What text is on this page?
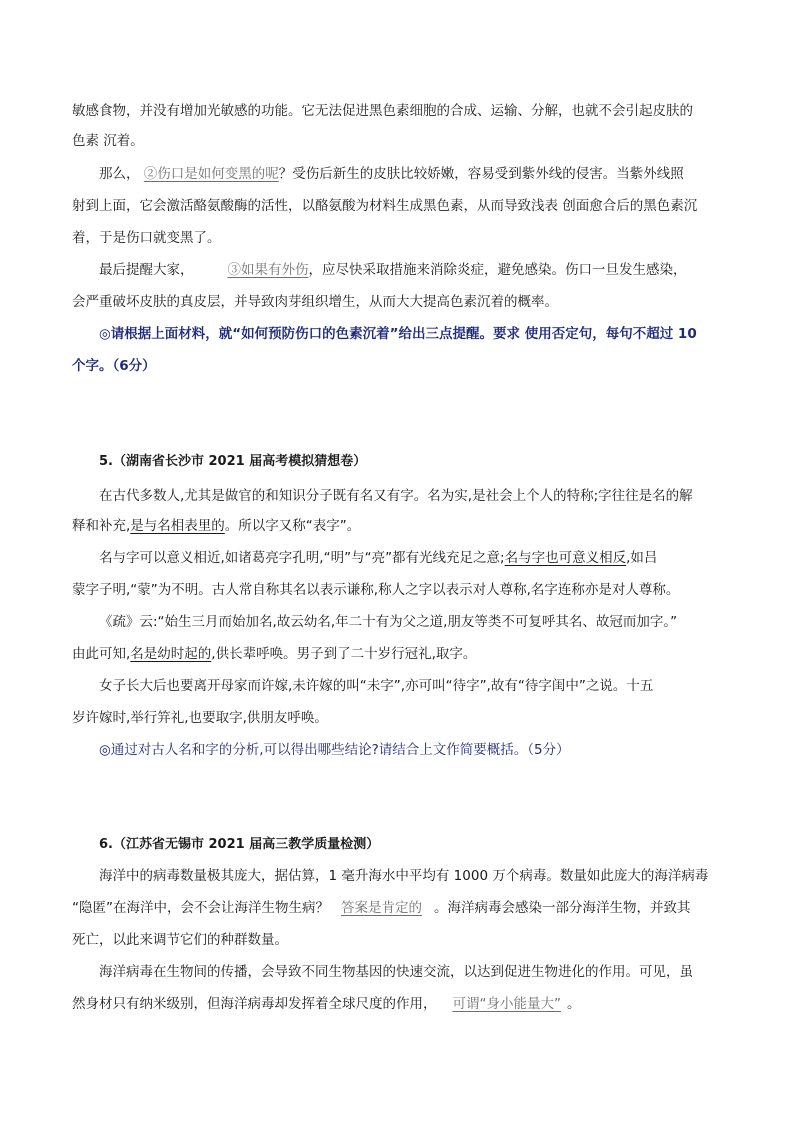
敏感食物，并没有增加光敏感的功能。它无法促进黑色素细胞的合成、运输、分解，也就不会引起皮肤的
色素 沉着。
那么， ②伤口是如何变黑的呢？受伤后新生的皮肤比较娇嫩，容易受到紫外线的侵害。当紫外线照
射到上面，它会激活酪氨酸酶的活性，以酪氨酸为材料生成黑色素，从而导致浅表 创面愈合后的黑色素沉
着，于是伤口就变黑了。
最后提醒大家，	③如果有外伤，应尽快采取措施来消除炎症，避免感染。伤口一旦发生感染，
会严重破坏皮肤的真皮层，并导致肉芽组织增生，从而大大提高色素沉着的概率。
◎请根据上面材料，就“如何预防伤口的色素沉着”给出三点提醒。要求 使用否定句，每句不超过 10
个字。（6分）
5.（湖南省长沙市 2021 届高考模拟猜想卷）
在古代多数人,尤其是做官的和知识分子既有名又有字。名为实,是社会上个人的特称;字往往是名的解
释和补充,是与名相表里的。所以字又称“表字”。
名与字可以意义相近,如诸葛亮字孔明,“明”与“亮”都有光线充足之意;名与字也可意义相反,如吕
蒙字子明,“蒙”为不明。古人常自称其名以表示谦称,称人之字以表示对人尊称,名字连称亦是对人尊称。
《疏》云:“始生三月而始加名,故云幼名,年二十有为父之道,朋友等类不可复呼其名、故冠而加字。”
由此可知,名是幼时起的,供长辈呼唤。男子到了二十岁行冠礼,取字。
女子长大后也要离开母家而许嫁,未许嫁的叫“未字”,亦可叫“待字”,故有“待字闺中”之说。十五
岁许嫁时,举行笄礼,也要取字,供朋友呼唤。
◎通过对古人名和字的分析,可以得出哪些结论?请结合上文作简要概括。（5分）
6.（江苏省无锡市 2021 届高三教学质量检测）
海洋中的病毒数量极其庞大，据估算，1 毫升海水中平均有 1000 万个病毒。数量如此庞大的海洋病毒
“隐匿”在海洋中，会不会让海洋生物生病？ 答案是肯定的 。海洋病毒会感染一部分海洋生物，并致其
死亡，以此来调节它们的种群数量。
海洋病毒在生物间的传播，会导致不同生物基因的快速交流，以达到促进生物进化的作用。可见，虽
然身材只有纳米级别，但海洋病毒却发挥着全球尺度的作用， 可谓“身小能量大” 。
